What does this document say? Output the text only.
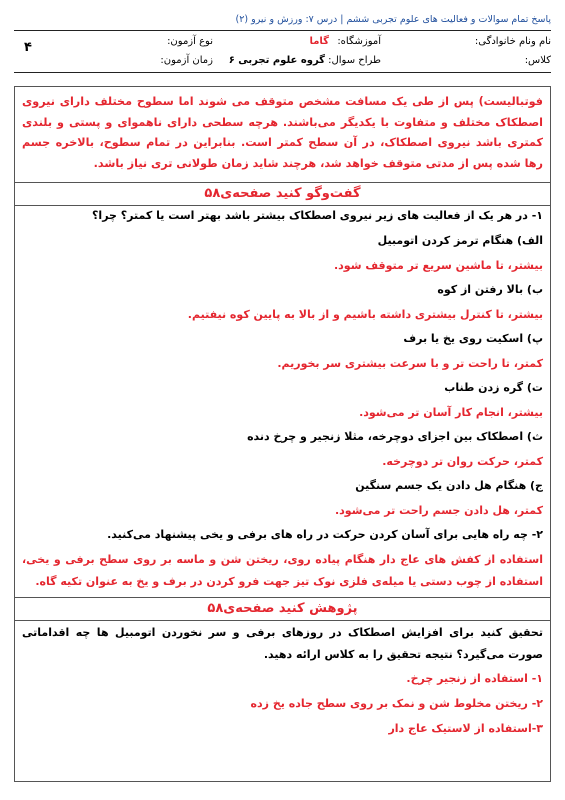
پاسخ تمام سوالات و فعالیت های علوم تجربی ششم | درس ۷: ورزش و نیرو (۲)
نام ونام خانوادگی:
آموزشگاه:
گاما
نوع آزمون:
کلاس:
طراح سوال:
گروه علوم تجربی ۶
زمان آزمون:
۴
فوتبالیست) پس از طی یک مسافت مشخص متوقف می شوند اما سطوح مختلف دارای نیروی اصطکاک مختلف و متفاوت با یکدیگر می‌باشند. هرچه سطحی دارای ناهموای و پستی و بلندی کمتری باشد نیروی اصطکاک، در آن سطح کمتر است. بنابراین در تمام سطوح، بالاخره جسم رها شده پس از مدتی متوقف خواهد شد، هرچند شاید زمان طولانی تری نیاز باشد.
گفت‌وگو کنید صفحه‌ی۵۸
۱- در هر یک از فعالیت های زیر نیروی اصطکاک بیشتر باشد بهتر است یا کمتر؟ چرا؟
الف) هنگام ترمز کردن اتومبیل
بیشتر، تا ماشین سریع تر متوقف شود.
ب) بالا رفتن از کوه
بیشتر، تا کنترل بیشتری داشته باشیم و از بالا به پایین کوه نیفتیم.
پ) اسکیت روی یخ یا برف
کمتر، تا راحت تر و با سرعت بیشتری سر بخوریم.
ت) گره زدن طناب
بیشتر، انجام کار آسان تر می‌شود.
ث) اصطکاک بین اجزای دوچرخه، مثلا زنجیر و چرخ دنده
کمتر، حرکت روان تر دوچرخه.
ج) هنگام هل دادن یک جسم سنگین
کمتر، هل دادن جسم راحت تر می‌شود.
۲- چه راه هایی برای آسان کردن حرکت در راه های برفی و یخی پیشنهاد می‌کنید.
استفاده از کفش های عاج دار هنگام پیاده روی، ریختن شن و ماسه بر روی سطح برفی و یخی، استفاده از چوب دستی یا میله‌ی فلزی نوک تیز جهت فرو کردن در برف و یخ به عنوان تکیه گاه.
پژوهش کنید صفحه‌ی۵۸
تحقیق کنید برای افزایش اصطکاک در روزهای برفی و سر نخوردن اتومبیل ها چه اقداماتی صورت می‌گیرد؟ نتیجه تحقیق را به کلاس ارائه دهید.
۱- استفاده از زنجیر چرخ.
۲- ریختن مخلوط شن و نمک بر روی سطح جاده یخ زده
۳-استفاده از لاستیک عاج دار
